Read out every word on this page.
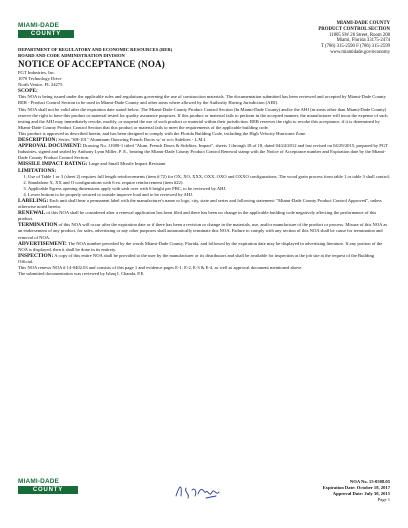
MIAMI-DADE
COUNTY
MIAMI-DADE COUNTY
PRODUCT CONTROL SECTION
11805 SW 26 Street, Room 208
Miami, Florida 33175-2474
T (786) 315-2590 F (786) 315-2599
www.miamidade.gov/economy
DEPARTMENT OF REGULATORY AND ECONOMIC RESOURCES (RER)
BOARD AND CODE ADMINISTRATION DIVISION
NOTICE OF ACCEPTANCE (NOA)

PGT Industries, Inc.

1070 Technology Drive

North Venice, FL 34275

SCOPE:

This NOA is being issued under the applicable rules and regulations governing the use of construction materials. The documentation submitted has been reviewed and accepted by Miami-Dade County RER - Product Control Section to be used in Miami-Dade County and other areas where allowed by the Authority Having Jurisdiction (AHJ).

This NOA shall not be valid after the expiration date stated below. The Miami-Dade County Product Control Section (In Miami-Dade County) and/or the AHJ (in areas other than Miami-Dade County) reserve the right to have this product or material tested for quality assurance purposes. If this product or material fails to perform in the accepted manner, the manufacturer will incur the expense of such testing and the AHJ may immediately revoke, modify, or suspend the use of such product or material within their jurisdiction. RER reserves the right to revoke this acceptance, if it is determined by Miami-Dade County Product Control Section that this product or material fails to meet the requirements of the applicable building code.

This product is approved as described herein, and has been designed to comply with the Florida Building Code, including the High Velocity Hurricane Zone.

DESCRIPTION: Series "SH-101" Aluminum Outswing French Doors w/ or w/o Sidelites - L.M.I.

APPROVAL DOCUMENT: Drawing No. 11008-1 titled "Alum. French Doors & Sidelites, Impact", sheets 1 through 18 of 18, dated 04/24/2012 and last revised on 04/29/2015, prepared by PGT Industries, signed and sealed by Anthony Lynn Miller, P. E., bearing the Miami-Dade County Product Control Renewal stamp with the Notice of Acceptance number and Expiration date by the Miami-Dade County Product Control Section.

MISSILE IMPACT RATING: Large and Small Missile Impact Resistant

LIMITATIONS:

1. Use of Table 1 or 3 (sheet 2) requires full length reinforcements (item # 72) for OX, XO, XXX, OXX, OXO and OXXO configurations. The wood grain process from table 1 or table 3 shall control.
2. Standalone X, XX and O configurations with 6 ea. require reinforcement (item #22).
3. Applicable Egress opening dimensions apply with sash over with 6 height per FBC, to be reviewed by AHJ.
4. Lower bottom to be properly secured to outside improve load and to be reviewed by AHJ.

LABELING: Each unit shall bear a permanent label with the manufacturer's name or logo, city, state and series and following statement: "Miami-Dade County Product Control Approved", unless otherwise noted herein.

RENEWAL of this NOA shall be considered after a renewal application has been filed and there has been no change in the applicable building code negatively affecting the performance of this product.

TERMINATION of this NOA will occur after the expiration date or if there has been a revision or change in the materials, use, and/or manufacture of the product or process. Misuse of this NOA as an endorsement of any product, for sales, advertising or any other purposes shall automatically terminate this NOA. Failure to comply with any section of this NOA shall be cause for termination and removal of NOA.

ADVERTISEMENT: The NOA number preceded by the words Miami-Dade County, Florida, and followed by the expiration date may be displayed in advertising literature. If any portion of the NOA is displayed, then it shall be done in its entirety.

INSPECTION: A copy of this entire NOA shall be provided to the user by the manufacturer or its distributors and shall be available for inspection at the job site at the request of the Building Official.

This NOA renews NOA # 14-0402.03 and consists of this page 1 and evidence pages E-1, E-2, E-3 & E-4, as well as approval document mentioned above.

The submitted documentation was reviewed by Ishaq I. Chanda, P.E.

MIAMI-DADE
COUNTY
NOA No. 15-0508.05
Expiration Date: October 18, 2017
Approval Date: July 30, 2015
Page 1
